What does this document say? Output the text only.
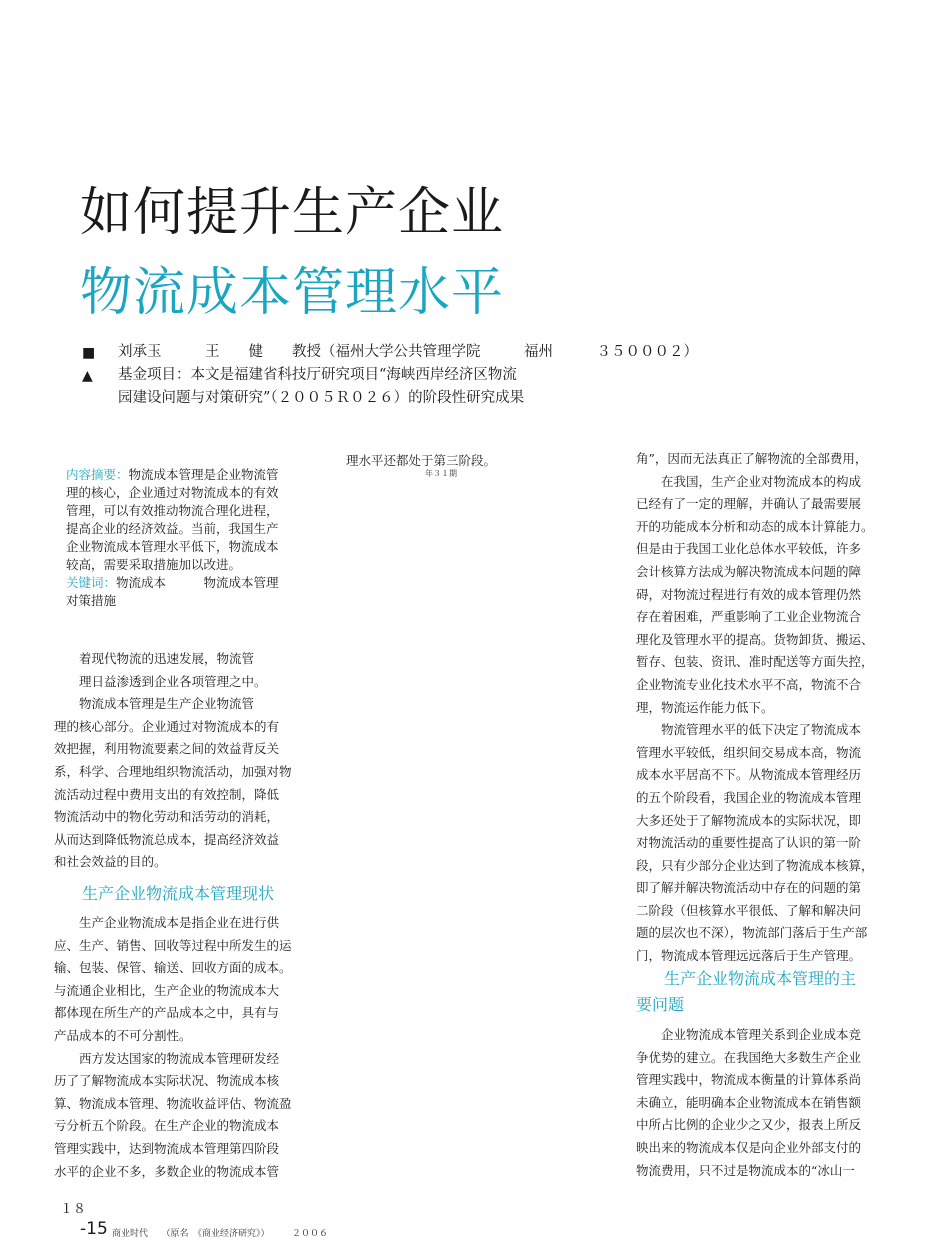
如何提升生产企业
物流成本管理水平
■ 刘承玉　　　王　　健　　教授（福州大学公共管理学院　　　福州　　　３５０００２）
▲ 基金项目：本文是福建省科技厅研究项目“海峡西岸经济区物流
园建设问题与对策研究”（２００５Ｒ０２６）的阶段性研究成果
内容摘要：物流成本管理是企业物流管理的核心，企业通过对物流成本的有效管理，可以有效推动物流合理化进程，提高企业的经济效益。当前，我国生产企业物流成本管理水平低下，物流成本较高，需要采取措施加以改进。
关键词：物流成本　　　物流成本管理　　　对策措施
　　着现代物流的迅速发展，物流管
　　理日益渗透到企业各项管理之中。
　　物流成本管理是生产企业物流管
理的核心部分。企业通过对物流成本的有
效把握，利用物流要素之间的效益背反关
系，科学、合理地组织物流活动，加强对物
流活动过程中费用支出的有效控制，降低
物流活动中的物化劳动和活劳动的消耗，
从而达到降低物流总成本，提高经济效益
和社会效益的目的。
生产企业物流成本管理现状
　　生产企业物流成本是指企业在进行供
应、生产、销售、回收等过程中所发生的运
输、包装、保管、输送、回收方面的成本。
与流通企业相比，生产企业的物流成本大
都体现在所生产的产品成本之中，具有与
产品成本的不可分割性。
　　西方发达国家的物流成本管理研发经
历了了解物流成本实际状况、物流成本核
算、物流成本管理、物流收益评估、物流盈
亏分析五个阶段。在生产企业的物流成本
管理实践中，达到物流成本管理第四阶段
水平的企业不多，多数企业的物流成本管
理水平还都处于第三阶段。
年３１期
角”，因而无法真正了解物流的全部费用，
　　在我国，生产企业对物流成本的构成
已经有了一定的理解，并确认了最需要展
开的功能成本分析和动态的成本计算能力。
但是由于我国工业化总体水平较低，许多
会计核算方法成为解决物流成本问题的障
碍，对物流过程进行有效的成本管理仍然
存在着困难，严重影响了工业企业物流合
理化及管理水平的提高。货物卸货、搬运、
暂存、包装、资讯、准时配送等方面失控，
企业物流专业化技术水平不高，物流不合
理，物流运作能力低下。
　　物流管理水平的低下决定了物流成本
管理水平较低，组织间交易成本高，物流
成本水平居高不下。从物流成本管理经历
的五个阶段看，我国企业的物流成本管理
大多还处于了解物流成本的实际状况，即
对物流活动的重要性提高了认识的第一阶
段，只有少部分企业达到了物流成本核算，
即了解并解决物流活动中存在的问题的第
二阶段（但核算水平很低、了解和解决问
题的层次也不深），物流部门落后于生产部
门，物流成本管理远远落后于生产管理。
生产企业物流成本管理的主
要问题
　　企业物流成本管理关系到企业成本竞
争优势的建立。在我国绝大多数生产企业
管理实践中，物流成本衡量的计算体系尚
未确立，能明确本企业物流成本在销售额
中所占比例的企业少之又少，报表上所反
映出来的物流成本仅是向企业外部支付的
物流费用，只不过是物流成本的“冰山一
１８
-15 商业时代　　（原名　《商业经济研究》）　　　２００６
